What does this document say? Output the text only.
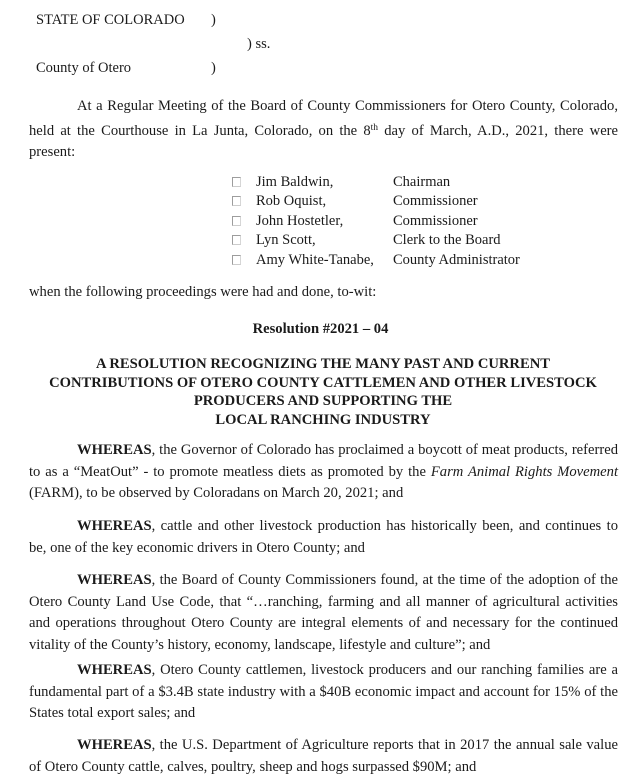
STATE OF COLORADO	)

County of Otero	)
) ss.
At a Regular Meeting of the Board of County Commissioners for Otero County, Colorado, held at the Courthouse in La Junta, Colorado, on the 8th day of March, A.D., 2021, there were present:
Jim Baldwin,	Chairman
Rob Oquist,	Commissioner
John Hostetler,	Commissioner
Lyn Scott,	Clerk to the Board
Amy White-Tanabe,	County Administrator
when the following proceedings were had and done, to-wit:
Resolution #2021 – 04
A RESOLUTION RECOGNIZING THE MANY PAST AND CURRENT
CONTRIBUTIONS OF OTERO COUNTY CATTLEMEN AND OTHER LIVESTOCK
PRODUCERS AND SUPPORTING THE
LOCAL RANCHING INDUSTRY
WHEREAS, the Governor of Colorado has proclaimed a boycott of meat products, referred to as a “MeatOut” - to promote meatless diets as promoted by the Farm Animal Rights Movement (FARM), to be observed by Coloradans on March 20, 2021; and
WHEREAS, cattle and other livestock production has historically been, and continues to be, one of the key economic drivers in Otero County; and
WHEREAS, the Board of County Commissioners found, at the time of the adoption of the Otero County Land Use Code, that “…ranching, farming and all manner of agricultural activities and operations throughout Otero County are integral elements of and necessary for the continued vitality of the County’s history, economy, landscape, lifestyle and culture”; and
WHEREAS, Otero County cattlemen, livestock producers and our ranching families are a fundamental part of a $3.4B state industry with a $40B economic impact and account for 15% of the States total export sales; and
WHEREAS, the U.S. Department of Agriculture reports that in 2017 the annual sale value of Otero County cattle, calves, poultry, sheep and hogs surpassed $90M; and
